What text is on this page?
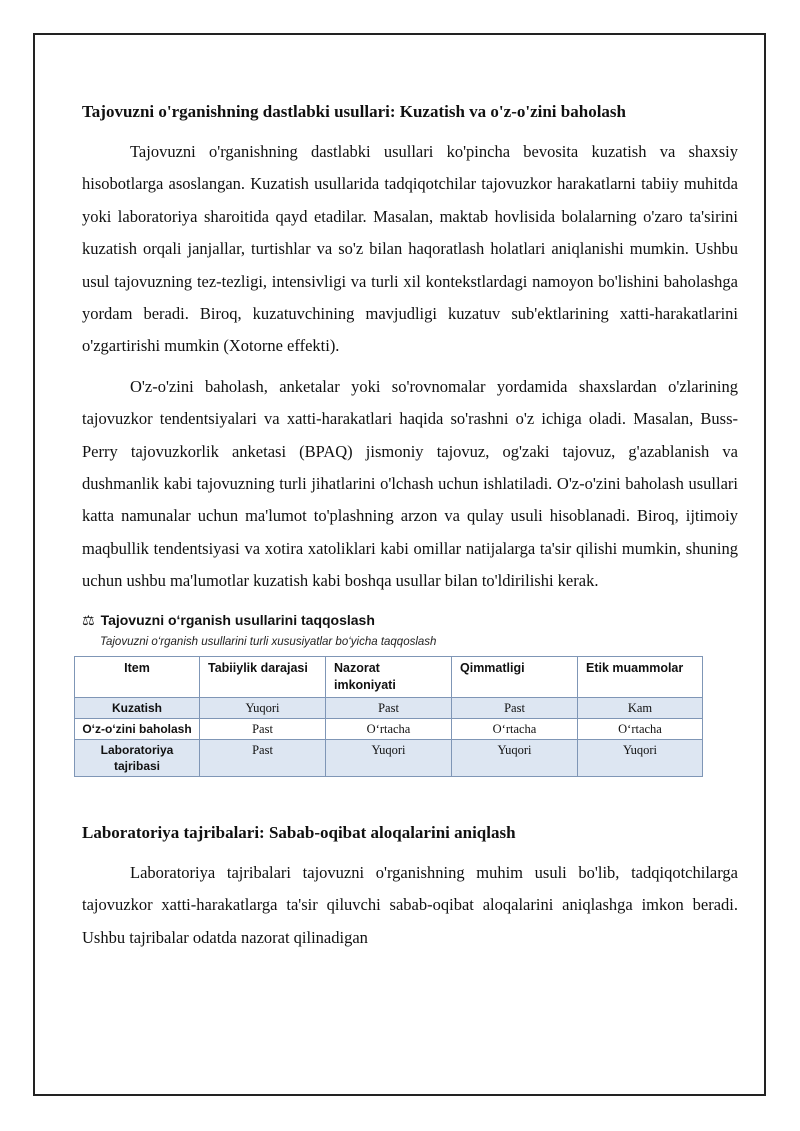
Tajovuzni o'rganishning dastlabki usullari: Kuzatish va o'z-o'zini baholash

Tajovuzni o'rganishning dastlabki usullari ko'pincha bevosita kuzatish va shaxsiy hisobotlarga asoslangan. Kuzatish usullarida tadqiqotchilar tajovuzkor harakatlarni tabiiy muhitda yoki laboratoriya sharoitida qayd etadilar. Masalan, maktab hovlisida bolalarning o'zaro ta'sirini kuzatish orqali janjallar, turtishlar va so'z bilan haqoratlash holatlari aniqlanishi mumkin. Ushbu usul tajovuzning tez-tezligi, intensivligi va turli xil kontekstlardagi namoyon bo'lishini baholashga yordam beradi. Biroq, kuzatuvchining mavjudligi kuzatuv sub'ektlarining xatti-harakatlarini o'zgartirishi mumkin (Xotorne effekti).

O'z-o'zini baholash, anketalar yoki so'rovnomalar yordamida shaxslardan o'zlarining tajovuzkor tendentsiyalari va xatti-harakatlari haqida so'rashni o'z ichiga oladi. Masalan, Buss-Perry tajovuzkorlik anketasi (BPAQ) jismoniy tajovuz, og'zaki tajovuz, g'azablanish va dushmanlik kabi tajovuzning turli jihatlarini o'lchash uchun ishlatiladi. O'z-o'zini baholash usullari katta namunalar uchun ma'lumot to'plashning arzon va qulay usuli hisoblanadi. Biroq, ijtimoiy maqbullik tendentsiyasi va xotira xatoliklari kabi omillar natijalarga ta'sir qilishi mumkin, shuning uchun ushbu ma'lumotlar kuzatish kabi boshqa usullar bilan to'ldirilishi kerak.

⚖ Tajovuzni o‘rganish usullarini taqqoslash
Tajovuzni o‘rganish usullarini turli xususiyatlar bo‘yicha taqqoslash
Item	Tabiiylik darajasi	Nazorat imkoniyati	Qimmatligi	Etik muammolar
Kuzatish	Yuqori	Past	Past	Kam
O‘z-o‘zini baholash	Past	O‘rtacha	O‘rtacha	O‘rtacha
Laboratoriya tajribasi	Past	Yuqori	Yuqori	Yuqori
Laboratoriya tajribalari: Sabab-oqibat aloqalarini aniqlash

Laboratoriya tajribalari tajovuzni o'rganishning muhim usuli bo'lib, tadqiqotchilarga tajovuzkor xatti-harakatlarga ta'sir qiluvchi sabab-oqibat aloqalarini aniqlashga imkon beradi. Ushbu tajribalar odatda nazorat qilinadigan
